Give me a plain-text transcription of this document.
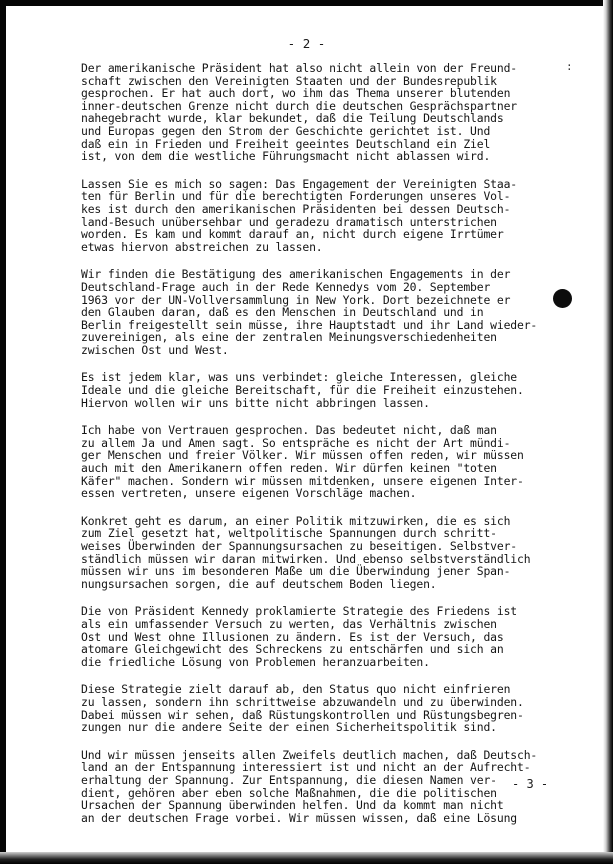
- 2 -
:
Der amerikanische Präsident hat also nicht allein von der Freund-
schaft zwischen den Vereinigten Staaten und der Bundesrepublik
gesprochen. Er hat auch dort, wo ihm das Thema unserer blutenden
inner-deutschen Grenze nicht durch die deutschen Gesprächspartner
nahegebracht wurde, klar bekundet, daß die Teilung Deutschlands
und Europas gegen den Strom der Geschichte gerichtet ist. Und
daß ein in Frieden und Freiheit geeintes Deutschland ein Ziel
ist, von dem die westliche Führungsmacht nicht ablassen wird.
Lassen Sie es mich so sagen: Das Engagement der Vereinigten Staa-
ten für Berlin und für die berechtigten Forderungen unseres Vol-
kes ist durch den amerikanischen Präsidenten bei dessen Deutsch-
land-Besuch unübersehbar und geradezu dramatisch unterstrichen
worden. Es kam und kommt darauf an, nicht durch eigene Irrtümer
etwas hiervon abstreichen zu lassen.
Wir finden die Bestätigung des amerikanischen Engagements in der
Deutschland-Frage auch in der Rede Kennedys vom 20. September
1963 vor der UN-Vollversammlung in New York. Dort bezeichnete er
den Glauben daran, daß es den Menschen in Deutschland und in
Berlin freigestellt sein müsse, ihre Hauptstadt und ihr Land wieder-
zuvereinigen, als eine der zentralen Meinungsverschiedenheiten
zwischen Ost und West.
Es ist jedem klar, was uns verbindet: gleiche Interessen, gleiche
Ideale und die gleiche Bereitschaft, für die Freiheit einzustehen.
Hiervon wollen wir uns bitte nicht abbringen lassen.
Ich habe von Vertrauen gesprochen. Das bedeutet nicht, daß man
zu allem Ja und Amen sagt. So entspräche es nicht der Art mündi-
ger Menschen und freier Völker. Wir müssen offen reden, wir müssen
auch mit den Amerikanern offen reden. Wir dürfen keinen "toten
Käfer" machen. Sondern wir müssen mitdenken, unsere eigenen Inter-
essen vertreten, unsere eigenen Vorschläge machen.
Konkret geht es darum, an einer Politik mitzuwirken, die es sich
zum Ziel gesetzt hat, weltpolitische Spannungen durch schritt-
weises Überwinden der Spannungsursachen zu beseitigen. Selbstver-
ständlich müssen wir daran mitwirken. Und ebenso selbstverständlich
müssen wir uns im besonderen Maße um die Überwindung jener Span-
nungsursachen sorgen, die auf deutschem Boden liegen.
Die von Präsident Kennedy proklamierte Strategie des Friedens ist
als ein umfassender Versuch zu werten, das Verhältnis zwischen
Ost und West ohne Illusionen zu ändern. Es ist der Versuch, das
atomare Gleichgewicht des Schreckens zu entschärfen und sich an
die friedliche Lösung von Problemen heranzuarbeiten.
Diese Strategie zielt darauf ab, den Status quo nicht einfrieren
zu lassen, sondern ihn schrittweise abzuwandeln und zu überwinden.
Dabei müssen wir sehen, daß Rüstungskontrollen und Rüstungsbegren-
zungen nur die andere Seite der einen Sicherheitspolitik sind.
Und wir müssen jenseits allen Zweifels deutlich machen, daß Deutsch-
land an der Entspannung interessiert ist und nicht an der Aufrecht-
erhaltung der Spannung. Zur Entspannung, die diesen Namen ver-
dient, gehören aber eben solche Maßnahmen, die die politischen
Ursachen der Spannung überwinden helfen. Und da kommt man nicht
an der deutschen Frage vorbei. Wir müssen wissen, daß eine Lösung
- 3 -
